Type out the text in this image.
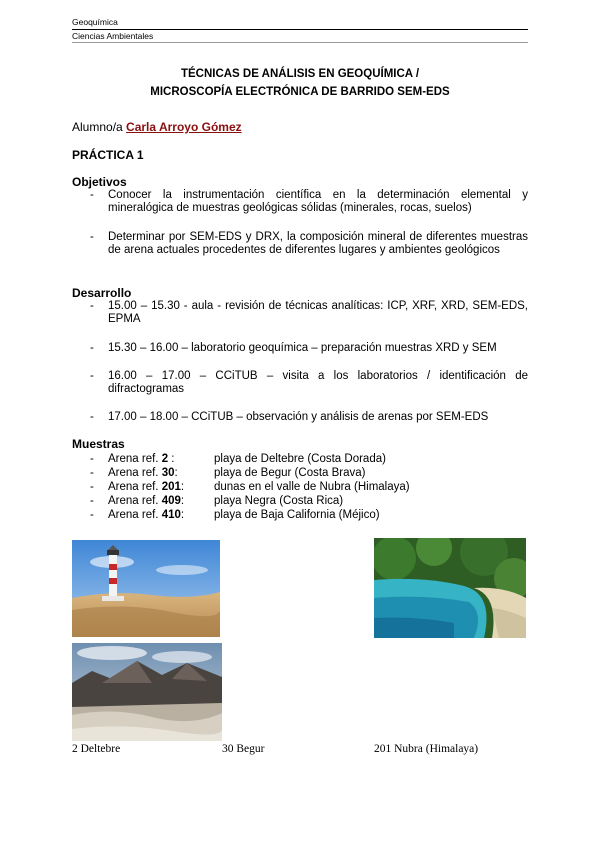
Geoquímica
Ciencias Ambientales
TÉCNICAS DE ANÁLISIS EN GEOQUÍMICA /
MICROSCOPÍA ELECTRÓNICA DE BARRIDO SEM-EDS
Alumno/a Carla Arroyo Gómez
PRÁCTICA 1
Objetivos
- Conocer la instrumentación científica en la determinación elemental y mineralógica de muestras geológicas sólidas (minerales, rocas, suelos)
- Determinar por SEM-EDS y DRX, la composición mineral de diferentes muestras de arena actuales procedentes de diferentes lugares y ambientes geológicos
Desarrollo
- 15.00 – 15.30 - aula - revisión de técnicas analíticas: ICP, XRF, XRD, SEM-EDS, EPMA
- 15.30 – 16.00 – laboratorio geoquímica – preparación muestras XRD y SEM
- 16.00 – 17.00 – CCiTUB – visita a los laboratorios / identificación de difractogramas
- 17.00 – 18.00 – CCiTUB – observación y análisis de arenas por SEM-EDS
Muestras
- Arena ref. 2 :	playa de Deltebre (Costa Dorada)
- Arena ref. 30:	playa de Begur (Costa Brava)
- Arena ref. 201:	dunas en el valle de Nubra (Himalaya)
- Arena ref. 409:	playa Negra (Costa Rica)
- Arena ref. 410:	playa de Baja California (Méjico)
2 Deltebre	30 Begur	201 Nubra (Himalaya)
